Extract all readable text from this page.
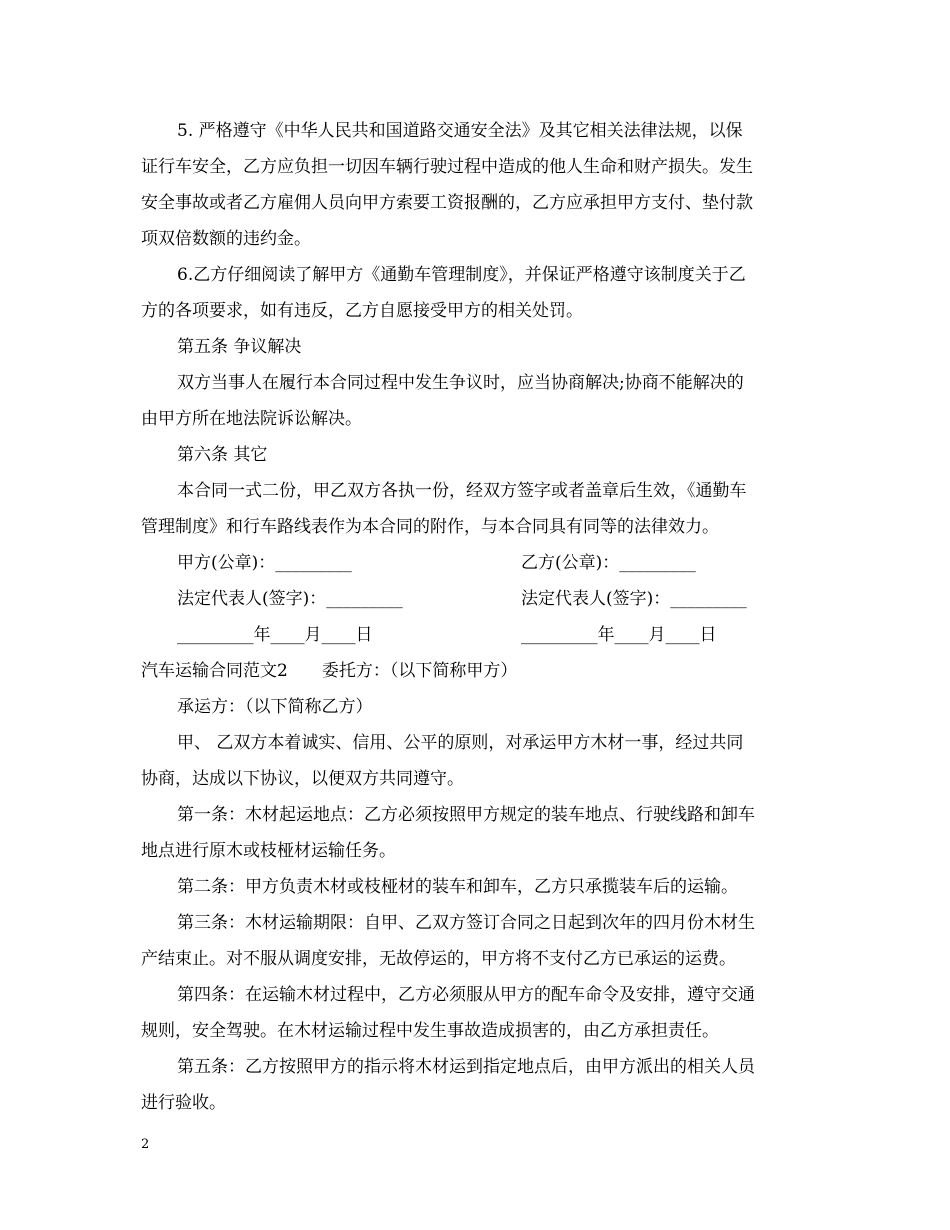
5. 严格遵守《中华人民共和国道路交通安全法》及其它相关法律法规，以保
证行车安全，乙方应负担一切因车辆行驶过程中造成的他人生命和财产损失。发生
安全事故或者乙方雇佣人员向甲方索要工资报酬的，乙方应承担甲方支付、垫付款
项双倍数额的违约金。
6.乙方仔细阅读了解甲方《通勤车管理制度》，并保证严格遵守该制度关于乙
方的各项要求，如有违反，乙方自愿接受甲方的相关处罚。
第五条 争议解决
双方当事人在履行本合同过程中发生争议时，应当协商解决;协商不能解决的
由甲方所在地法院诉讼解决。
第六条 其它
本合同一式二份，甲乙双方各执一份，经双方签字或者盖章后生效，《通勤车
管理制度》和行车路线表作为本合同的附作，与本合同具有同等的法律效力。
甲方(公章)：_________	乙方(公章)：_________
法定代表人(签字)：_________	法定代表人(签字)：_________
_________年____月____日	_________年____月____日
汽车运输合同范文2　　委托方：（以下简称甲方）
承运方：（以下简称乙方）
甲、 乙双方本着诚实、信用、公平的原则，对承运甲方木材一事，经过共同
协商，达成以下协议，以便双方共同遵守。
第一条：木材起运地点：乙方必须按照甲方规定的装车地点、行驶线路和卸车
地点进行原木或枝桠材运输任务。
第二条：甲方负责木材或枝桠材的装车和卸车，乙方只承揽装车后的运输。
第三条：木材运输期限：自甲、乙双方签订合同之日起到次年的四月份木材生
产结束止。对不服从调度安排，无故停运的，甲方将不支付乙方已承运的运费。
第四条：在运输木材过程中，乙方必须服从甲方的配车命令及安排，遵守交通
规则，安全驾驶。在木材运输过程中发生事故造成损害的，由乙方承担责任。
第五条：乙方按照甲方的指示将木材运到指定地点后，由甲方派出的相关人员
进行验收。
2
